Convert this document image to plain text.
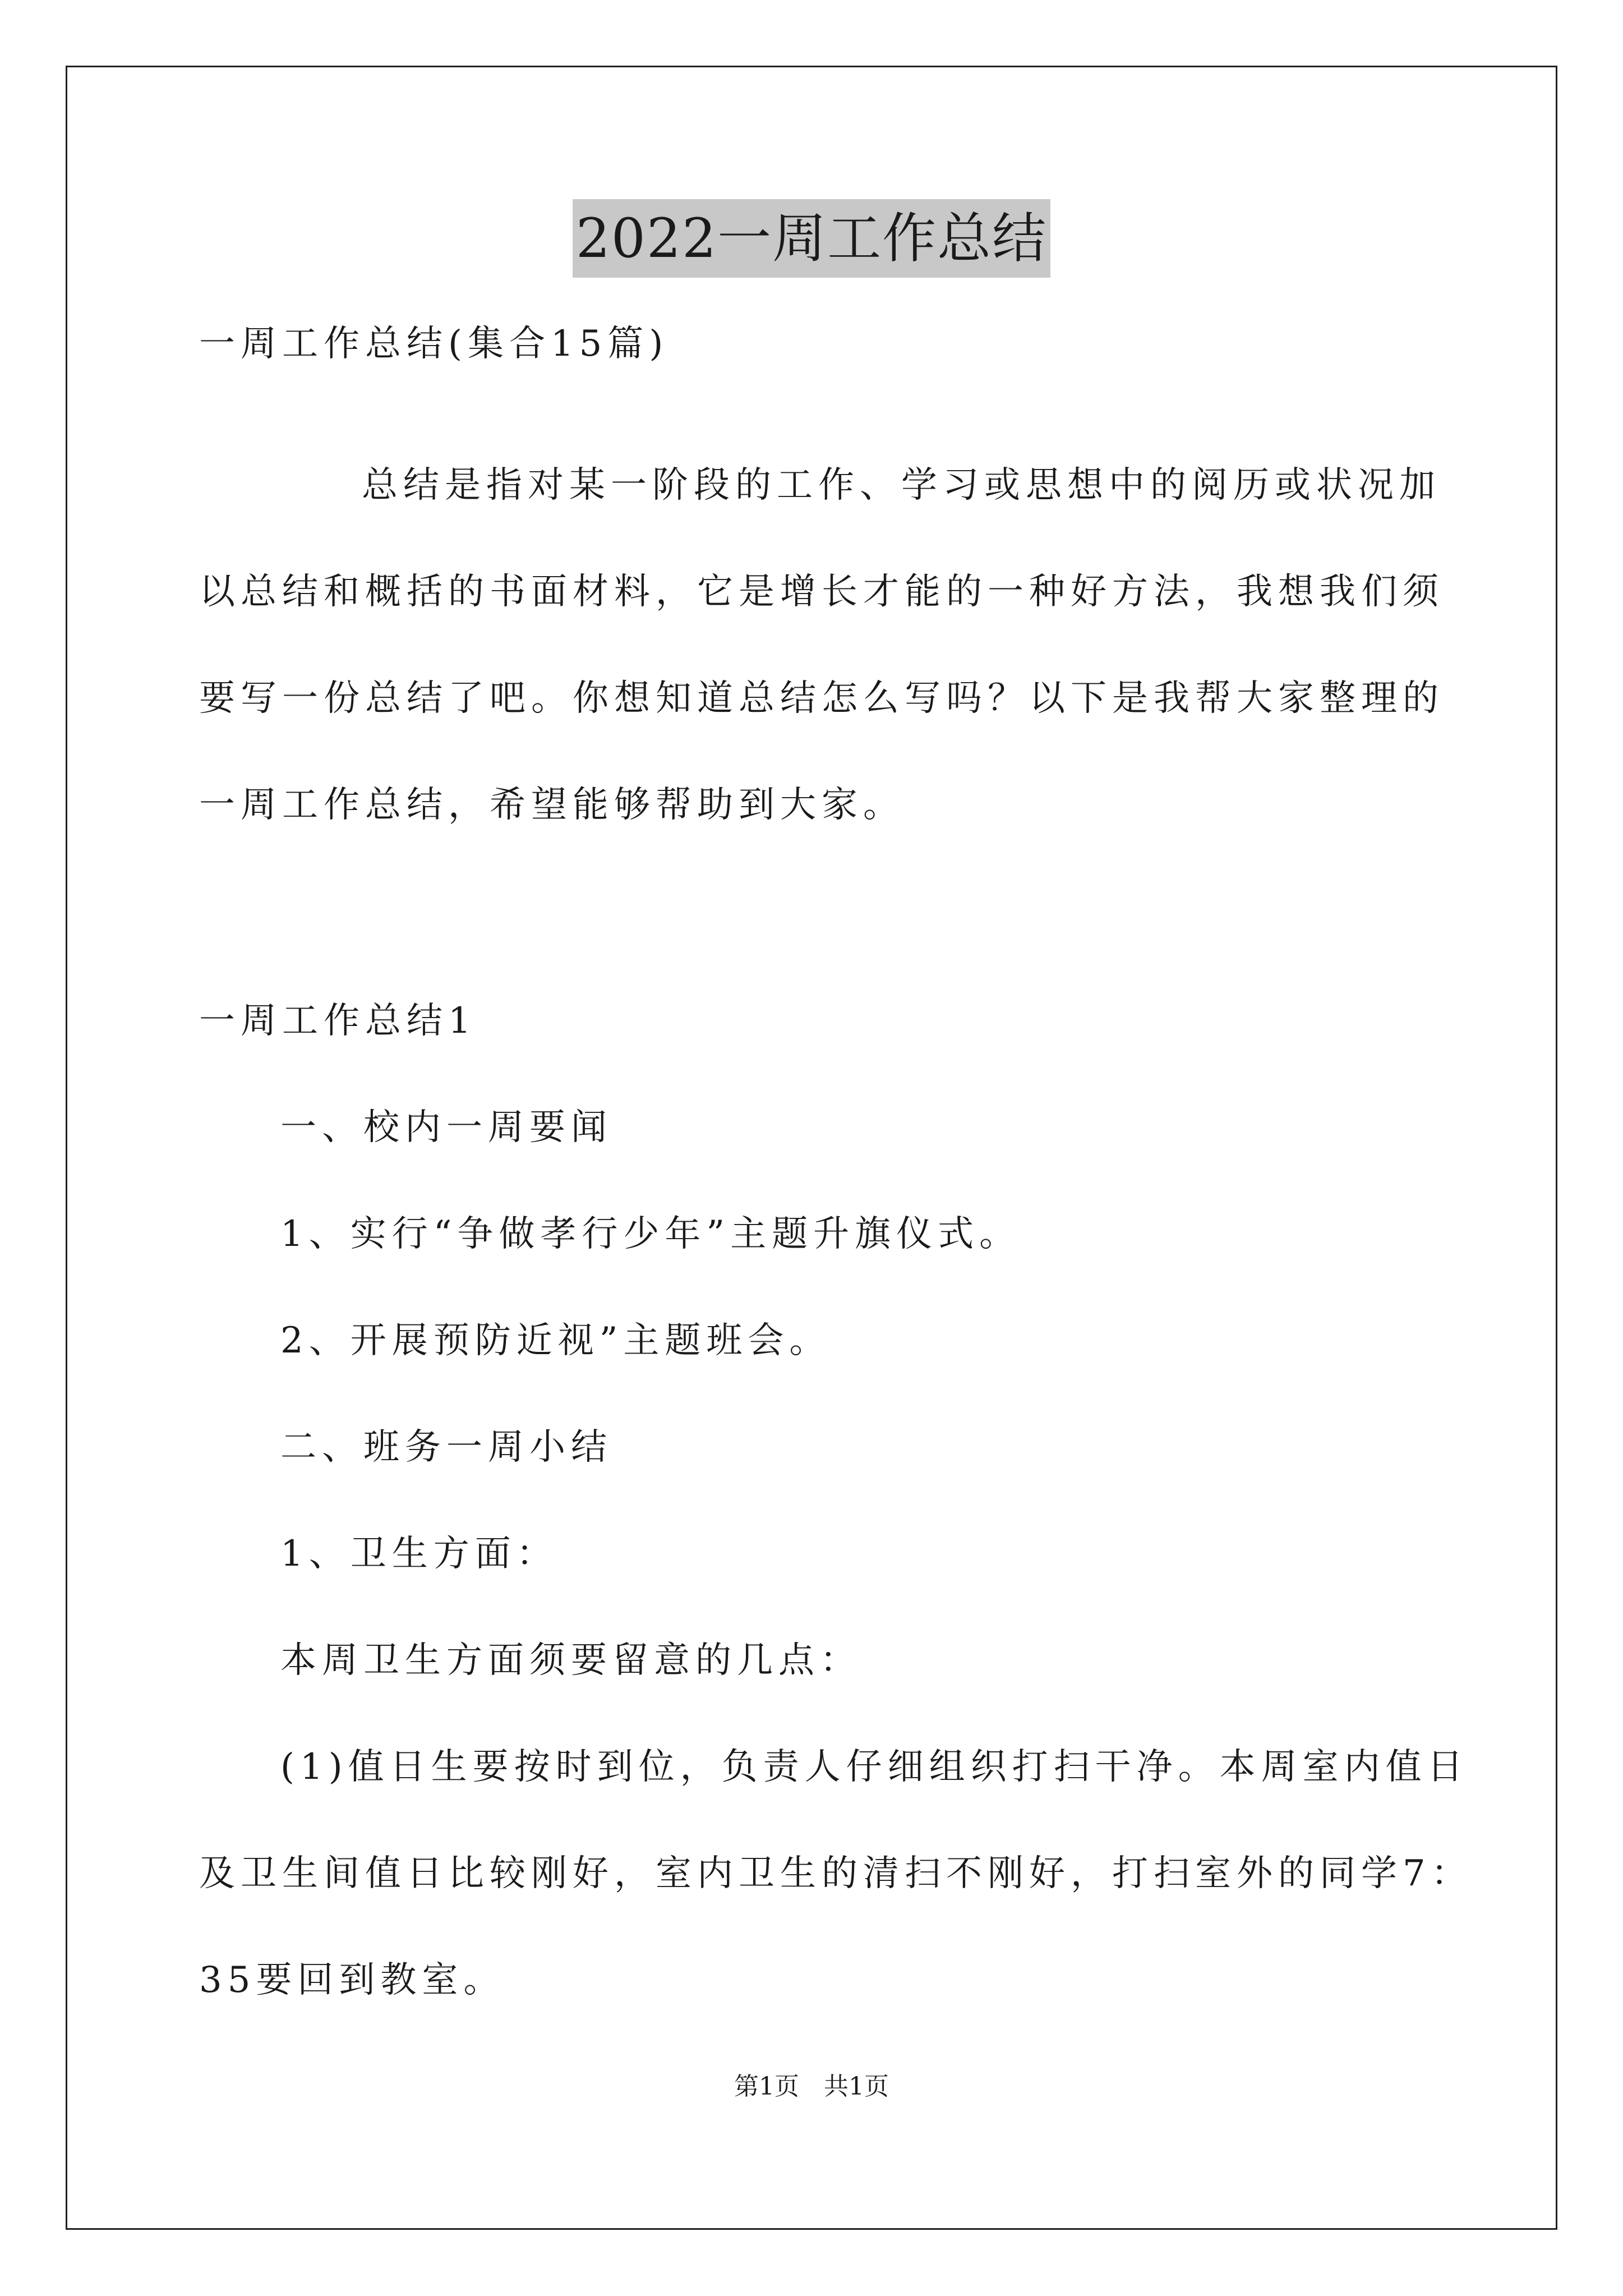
2022一周工作总结
一周工作总结(集合15篇)
总结是指对某一阶段的工作、学习或思想中的阅历或状况加
以总结和概括的书面材料，它是增长才能的一种好方法，我想我们须
要写一份总结了吧。你想知道总结怎么写吗？以下是我帮大家整理的
一周工作总结，希望能够帮助到大家。
一周工作总结1
一、校内一周要闻
1、实行“争做孝行少年”主题升旗仪式。
2、开展预防近视”主题班会。
二、班务一周小结
1、卫生方面：
本周卫生方面须要留意的几点：
(1)值日生要按时到位，负责人仔细组织打扫干净。本周室内值日
及卫生间值日比较刚好，室内卫生的清扫不刚好，打扫室外的同学7：
35要回到教室。
第1页　共1页
